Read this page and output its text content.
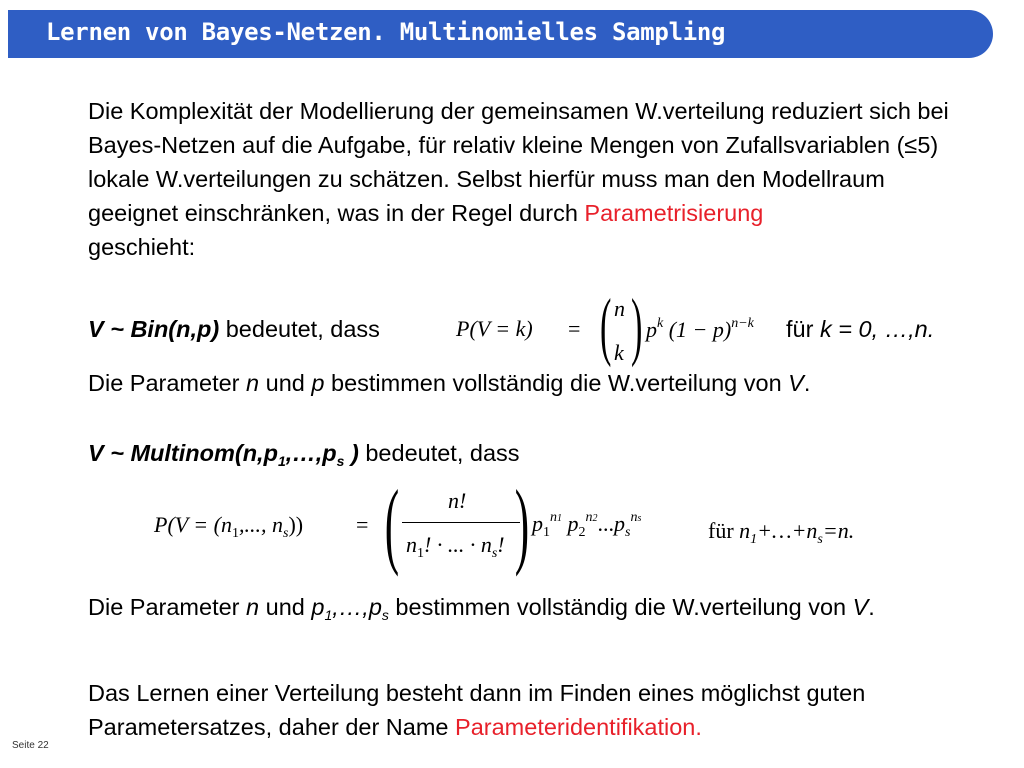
Lernen von Bayes-Netzen. Multinomielles Sampling

Die Komplexität der Modellierung der gemeinsamen W.verteilung reduziert sich bei Bayes-Netzen auf die Aufgabe, für relativ kleine Mengen von Zufallsvariablen (≤5) lokale W.verteilungen zu schätzen. Selbst hierfür muss man den Modellraum geeignet einschränken, was in der Regel durch Parametrisierung
geschieht:

V ~ Bin(n,p) bedeutet, dass	P(V = k) = ( n
k ) $p^k$ $(1 - p)^{n-k}$ für k = 0, …,n.

Die Parameter n und p bestimmen vollständig die W.verteilung von V.

V ~ $Multinom(n,p_1,\dots,p_s$ ) bedeutet, dass

$P(V = (n_1$,..., $n_s$)) = ( n!
$n_1$! · ... · $n_s$! ) $p_1^{n1}$ $p_2^{n2}...p_s^{ns}$	für $n_1+\dots+n_s=n$.

Die Parameter n und $p_1,\dots,p_s$ bestimmen vollständig die W.verteilung von V.

Das Lernen einer Verteilung besteht dann im Finden eines möglichst guten Parametersatzes, daher der Name Parameteridentifikation.

Seite 22
